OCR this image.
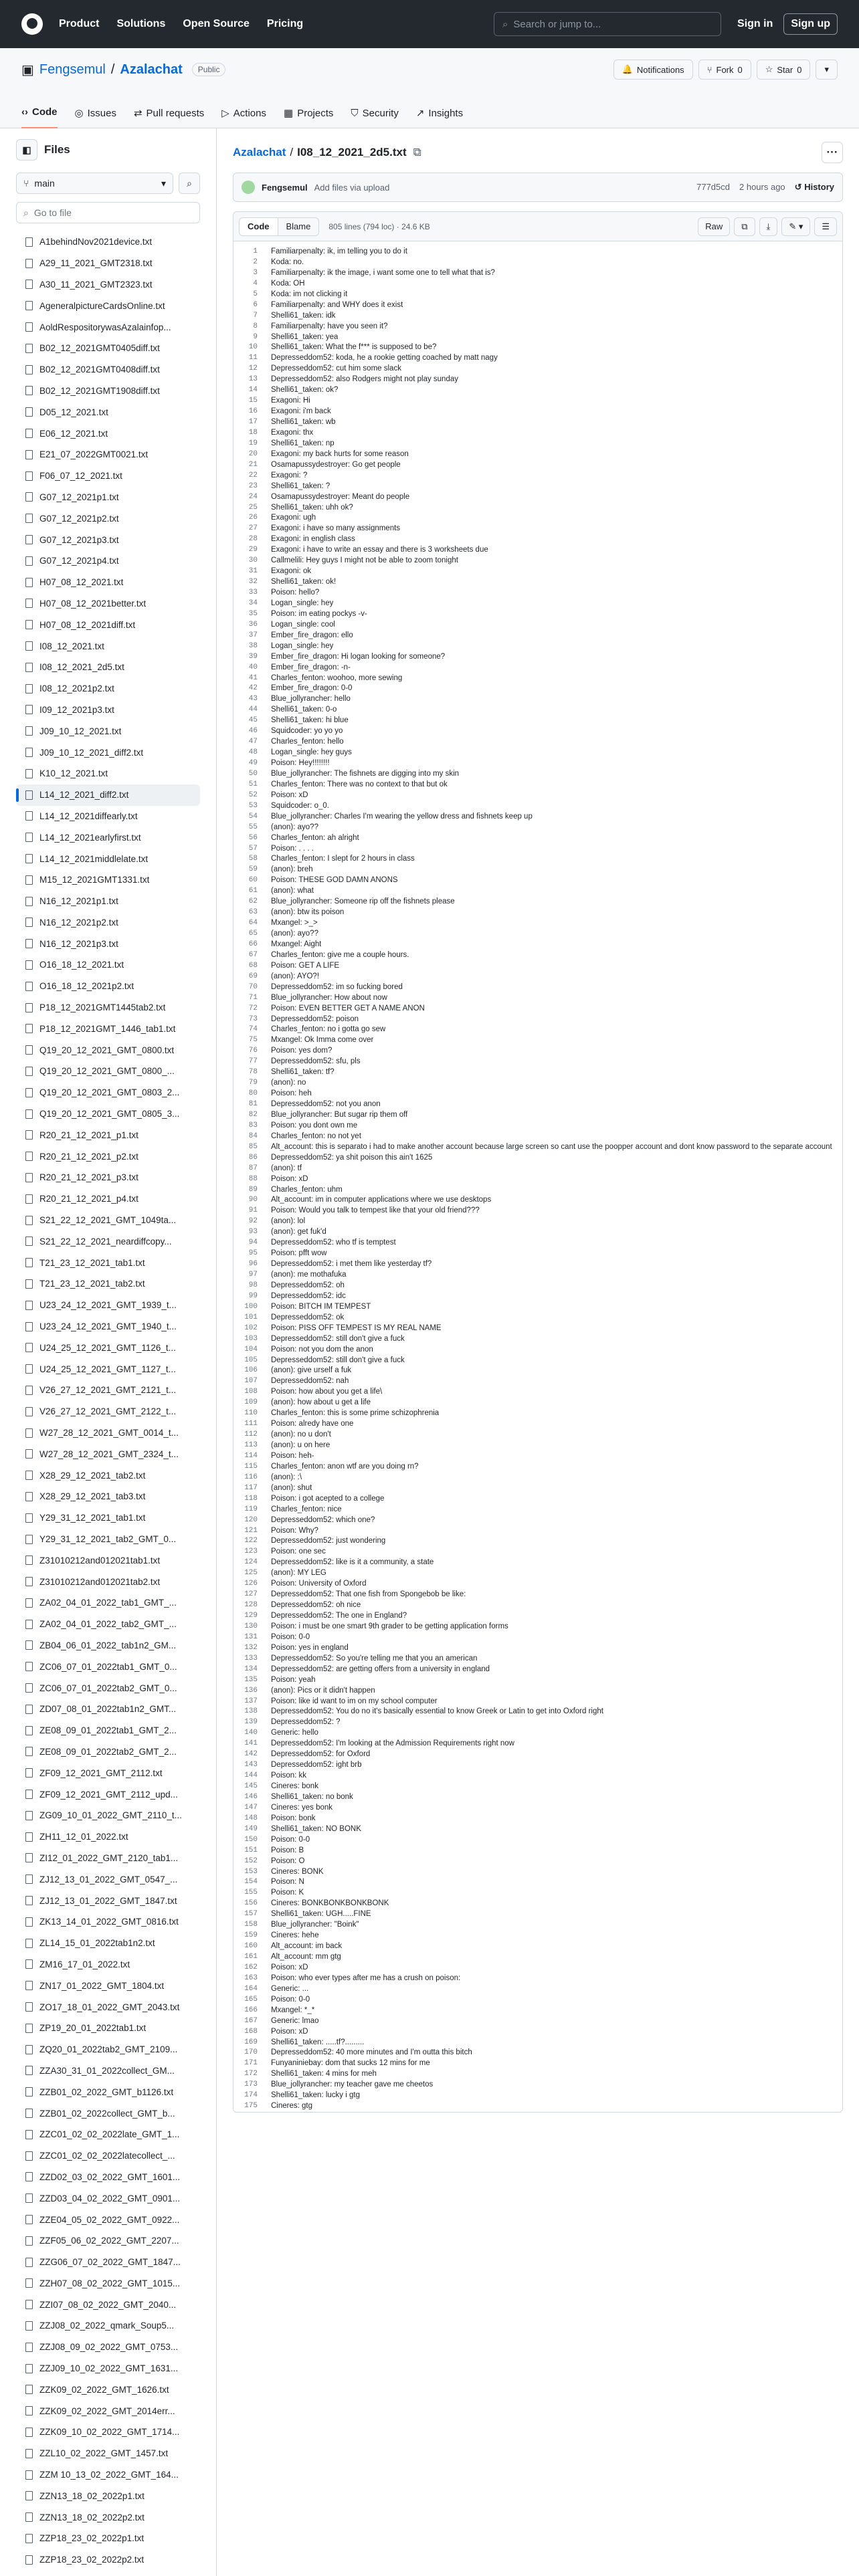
Product Solutions Open Source Pricing	⌕ Search or jump to...	Sign in	Sign up
▣ Fengsemul / Azalachat	Public	🔔 Notifications	⑂ Fork 0	☆ Star 0	▾
‹› Code ◎ Issues ⇄ Pull requests ▷ Actions ▦ Projects ⛉ Security ↗ Insights
◧	Files
⑂ main	▾	⌕
⌕ Go to file
A1behindNov2021device.txt
A29_11_2021_GMT2318.txt
A30_11_2021_GMT2323.txt
AgeneralpictureCardsOnline.txt
AoldRespositorywasAzalainfop...
B02_12_2021GMT0405diff.txt
B02_12_2021GMT0408diff.txt
B02_12_2021GMT1908diff.txt
D05_12_2021.txt
E06_12_2021.txt
E21_07_2022GMT0021.txt
F06_07_12_2021.txt
G07_12_2021p1.txt
G07_12_2021p2.txt
G07_12_2021p3.txt
G07_12_2021p4.txt
H07_08_12_2021.txt
H07_08_12_2021better.txt
H07_08_12_2021diff.txt
I08_12_2021.txt
I08_12_2021_2d5.txt
I08_12_2021p2.txt
I09_12_2021p3.txt
J09_10_12_2021.txt
J09_10_12_2021_diff2.txt
K10_12_2021.txt
L14_12_2021_diff2.txt
L14_12_2021diffearly.txt
L14_12_2021earlyfirst.txt
L14_12_2021middlelate.txt
M15_12_2021GMT1331.txt
N16_12_2021p1.txt
N16_12_2021p2.txt
N16_12_2021p3.txt
O16_18_12_2021.txt
O16_18_12_2021p2.txt
P18_12_2021GMT1445tab2.txt
P18_12_2021GMT_1446_tab1.txt
Q19_20_12_2021_GMT_0800.txt
Q19_20_12_2021_GMT_0800_...
Q19_20_12_2021_GMT_0803_2...
Q19_20_12_2021_GMT_0805_3...
R20_21_12_2021_p1.txt
R20_21_12_2021_p2.txt
R20_21_12_2021_p3.txt
R20_21_12_2021_p4.txt
S21_22_12_2021_GMT_1049ta...
S21_22_12_2021_neardiffcopy...
T21_23_12_2021_tab1.txt
T21_23_12_2021_tab2.txt
U23_24_12_2021_GMT_1939_t...
U23_24_12_2021_GMT_1940_t...
U24_25_12_2021_GMT_1126_t...
U24_25_12_2021_GMT_1127_t...
V26_27_12_2021_GMT_2121_t...
V26_27_12_2021_GMT_2122_t...
W27_28_12_2021_GMT_0014_t...
W27_28_12_2021_GMT_2324_t...
X28_29_12_2021_tab2.txt
X28_29_12_2021_tab3.txt
Y29_31_12_2021_tab1.txt
Y29_31_12_2021_tab2_GMT_0...
Z31010212and012021tab1.txt
Z31010212and012021tab2.txt
ZA02_04_01_2022_tab1_GMT_...
ZA02_04_01_2022_tab2_GMT_...
ZB04_06_01_2022_tab1n2_GM...
ZC06_07_01_2022tab1_GMT_0...
ZC06_07_01_2022tab2_GMT_0...
ZD07_08_01_2022tab1n2_GMT...
ZE08_09_01_2022tab1_GMT_2...
ZE08_09_01_2022tab2_GMT_2...
ZF09_12_2021_GMT_2112.txt
ZF09_12_2021_GMT_2112_upd...
ZG09_10_01_2022_GMT_2110_t...
ZH11_12_01_2022.txt
ZI12_01_2022_GMT_2120_tab1...
ZJ12_13_01_2022_GMT_0547_...
ZJ12_13_01_2022_GMT_1847.txt
ZK13_14_01_2022_GMT_0816.txt
ZL14_15_01_2022tab1n2.txt
ZM16_17_01_2022.txt
ZN17_01_2022_GMT_1804.txt
ZO17_18_01_2022_GMT_2043.txt
ZP19_20_01_2022tab1.txt
ZQ20_01_2022tab2_GMT_2109...
ZZA30_31_01_2022collect_GM...
ZZB01_02_2022_GMT_b1126.txt
ZZB01_02_2022collect_GMT_b...
ZZC01_02_02_2022late_GMT_1...
ZZC01_02_02_2022latecollect_...
ZZD02_03_02_2022_GMT_1601...
ZZD03_04_02_2022_GMT_0901...
ZZE04_05_02_2022_GMT_0922...
ZZF05_06_02_2022_GMT_2207...
ZZG06_07_02_2022_GMT_1847...
ZZH07_08_02_2022_GMT_1015...
ZZI07_08_02_2022_GMT_2040...
ZZJ08_02_2022_qmark_Soup5...
ZZJ08_09_02_2022_GMT_0753...
ZZJ09_10_02_2022_GMT_1631...
ZZK09_02_2022_GMT_1626.txt
ZZK09_02_2022_GMT_2014err...
ZZK09_10_02_2022_GMT_1714...
ZZL10_02_2022_GMT_1457.txt
ZZM 10_13_02_2022_GMT_164...
ZZN13_18_02_2022p1.txt
ZZN13_18_02_2022p2.txt
ZZP18_23_02_2022p1.txt
ZZP18_23_02_2022p2.txt
Azalachat / I08_12_2021_2d5.txt ⧉	···
Fengsemul Add files via upload	777d5cd 2 hours ago ↺ History
Code	Blame	805 lines (794 loc) · 24.6 KB	Raw	⧉	⤓	✎ ▾	☰
1	Familiarpenalty: ik, im telling you to do it
2	Koda: no.
3	Familiarpenalty: ik the image, i want some one to tell what that is?
4	Koda: OH
5	Koda: im not clicking it
6	Familiarpenalty: and WHY does it exist
7	Shelli61_taken: idk
8	Familiarpenalty: have you seen it?
9	Shelli61_taken: yea
10	Shelli61_taken: What the f*** is supposed to be?
11	Depresseddom52: koda, he a rookie getting coached by matt nagy
12	Depresseddom52: cut him some slack
13	Depresseddom52: also Rodgers might not play sunday
14	Shelli61_taken: ok?
15	Exagoni: Hi
16	Exagoni: i'm back
17	Shelli61_taken: wb
18	Exagoni: thx
19	Shelli61_taken: np
20	Exagoni: my back hurts for some reason
21	Osamapussydestroyer: Go get people
22	Exagoni: ?
23	Shelli61_taken: ?
24	Osamapussydestroyer: Meant do people
25	Shelli61_taken: uhh ok?
26	Exagoni: ugh
27	Exagoni: i have so many assignments
28	Exagoni: in english class
29	Exagoni: i have to write an essay and there is 3 worksheets due
30	Callmelili: Hey guys I might not be able to zoom tonight
31	Exagoni: ok
32	Shelli61_taken: ok!
33	Poison: hello?
34	Logan_single: hey
35	Poison: im eating pockys -v-
36	Logan_single: cool
37	Ember_fire_dragon: ello
38	Logan_single: hey
39	Ember_fire_dragon: Hi logan looking for someone?
40	Ember_fire_dragon: -n-
41	Charles_fenton: woohoo, more sewing
42	Ember_fire_dragon: 0-0
43	Blue_jollyrancher: hello
44	Shelli61_taken: 0-o
45	Shelli61_taken: hi blue
46	Squidcoder: yo yo yo
47	Charles_fenton: hello
48	Logan_single: hey guys
49	Poison: Hey!!!!!!!!
50	Blue_jollyrancher: The fishnets are digging into my skin
51	Charles_fenton: There was no context to that but ok
52	Poison: xD
53	Squidcoder: o_0.
54	Blue_jollyrancher: Charles I'm wearing the yellow dress and fishnets keep up
55	(anon): ayo??
56	Charles_fenton: ah alright
57	Poison: . . . .
58	Charles_fenton: I slept for 2 hours in class
59	(anon): breh
60	Poison: THESE GOD DAMN ANONS
61	(anon): what
62	Blue_jollyrancher: Someone rip off the fishnets please
63	(anon): btw its poison
64	Mxangel: >_>
65	(anon): ayo??
66	Mxangel: Aight
67	Charles_fenton: give me a couple hours.
68	Poison: GET A LIFE
69	(anon): AYO?!
70	Depresseddom52: im so fucking bored
71	Blue_jollyrancher: How about now
72	Poison: EVEN BETTER GET A NAME ANON
73	Depresseddom52: poison
74	Charles_fenton: no i gotta go sew
75	Mxangel: Ok Imma come over
76	Poison: yes dom?
77	Depresseddom52: sfu, pls
78	Shelli61_taken: tf?
79	(anon): no
80	Poison: heh
81	Depresseddom52: not you anon
82	Blue_jollyrancher: But sugar rip them off
83	Poison: you dont own me
84	Charles_fenton: no not yet
85	Alt_account: this is separato i had to make another account because large screen so cant use the poopper account and dont know password to the separate account
86	Depresseddom52: ya shit poison this ain't 1625
87	(anon): tf
88	Poison: xD
89	Charles_fenton: uhm
90	Alt_account: im in computer applications where we use desktops
91	Poison: Would you talk to tempest like that your old friend???
92	(anon): lol
93	(anon): get fuk'd
94	Depresseddom52: who tf is temptest
95	Poison: pfft wow
96	Depresseddom52: i met them like yesterday tf?
97	(anon): me mothafuka
98	Depresseddom52: oh
99	Depresseddom52: idc
100	Poison: BITCH IM TEMPEST
101	Depresseddom52: ok
102	Poison: PISS OFF TEMPEST IS MY REAL NAME
103	Depresseddom52: still don't give a fuck
104	Poison: not you dom the anon
105	Depresseddom52: still don't give a fuck
106	(anon): give urself a fuk
107	Depresseddom52: nah
108	Poison: how about you get a life\
109	(anon): how about u get a life
110	Charles_fenton: this is some prime schizophrenia
111	Poison: alredy have one
112	(anon): no u don't
113	(anon): u on here
114	Poison: heh-
115	Charles_fenton: anon wtf are you doing rn?
116	(anon): :\
117	(anon): shut
118	Poison: i got acepted to a college
119	Charles_fenton: nice
120	Depresseddom52: which one?
121	Poison: Why?
122	Depresseddom52: just wondering
123	Poison: one sec
124	Depresseddom52: like is it a community, a state
125	(anon): MY LEG
126	Poison: University of Oxford
127	Depresseddom52: That one fish from Spongebob be like:
128	Depresseddom52: oh nice
129	Depresseddom52: The one in England?
130	Poison: i must be one smart 9th grader to be getting application forms
131	Poison: 0-0
132	Poison: yes in england
133	Depresseddom52: So you're telling me that you an american
134	Depresseddom52: are getting offers from a university in england
135	Poison: yeah
136	(anon): Pics or it didn't happen
137	Poison: like id want to im on my school computer
138	Depresseddom52: You do no it's basically essential to know Greek or Latin to get into Oxford right
139	Depresseddom52: ?
140	Generic: hello
141	Depresseddom52: I'm looking at the Admission Requirements right now
142	Depresseddom52: for Oxford
143	Depresseddom52: ight brb
144	Poison: kk
145	Cineres: bonk
146	Shelli61_taken: no bonk
147	Cineres: yes bonk
148	Poison: bonk
149	Shelli61_taken: NO BONK
150	Poison: 0-0
151	Poison: B
152	Poison: O
153	Cineres: BONK
154	Poison: N
155	Poison: K
156	Cineres: BONKBONKBONKBONK
157	Shelli61_taken: UGH.....FINE
158	Blue_jollyrancher: "Boink"
159	Cineres: hehe
160	Alt_account: im back
161	Alt_account: mm gtg
162	Poison: xD
163	Poison: who ever types after me has a crush on poison:
164	Generic: ...
165	Poison: 0-0
166	Mxangel: *_*
167	Generic: lmao
168	Poison: xD
169	Shelli61_taken: .....tf?.........
170	Depresseddom52: 40 more minutes and I'm outta this bitch
171	Funyaniniebay: dom that sucks 12 mins for me
172	Shelli61_taken: 4 mins for meh
173	Blue_jollyrancher: my teacher gave me cheetos
174	Shelli61_taken: lucky i gtg
175	Cineres: gtg
